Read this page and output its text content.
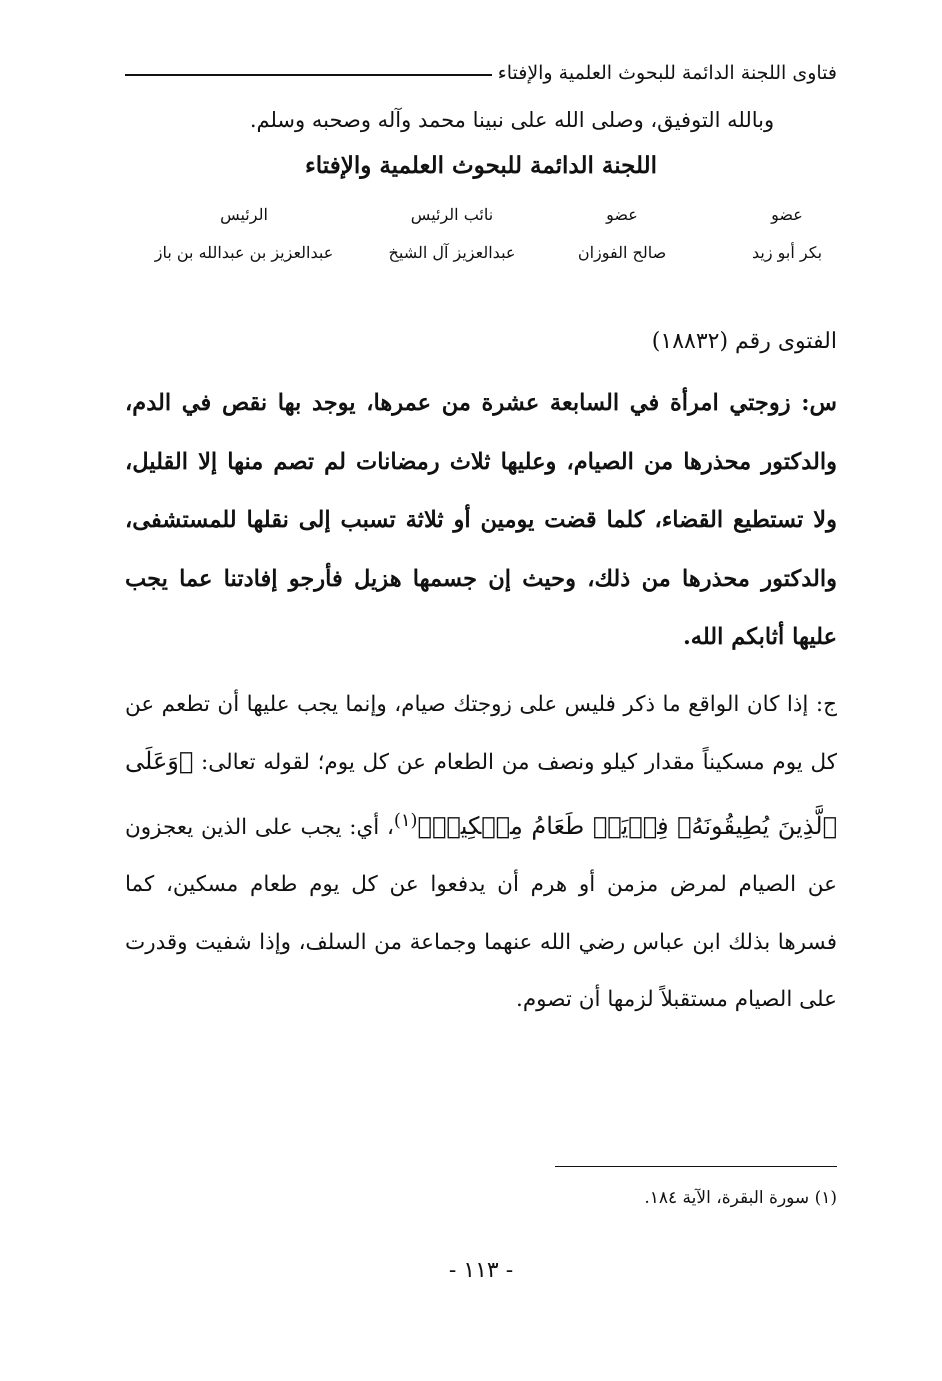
فتاوى اللجنة الدائمة للبحوث العلمية والإفتاء
وبالله التوفيق، وصلى الله على نبينا محمد وآله وصحبه وسلم.
اللجنة الدائمة للبحوث العلمية والإفتاء
عضو
بكر أبو زيد
عضو
صالح الفوزان
نائب الرئيس
عبدالعزيز آل الشيخ
الرئيس
عبدالعزيز بن عبدالله بن باز
الفتوى رقم (١٨٨٣٢)
س: زوجتي امرأة في السابعة عشرة من عمرها، يوجد بها نقص في الدم، والدكتور محذرها من الصيام، وعليها ثلاث رمضانات لم تصم منها إلا القليل، ولا تستطيع القضاء، كلما قضت يومين أو ثلاثة تسبب إلى نقلها للمستشفى، والدكتور محذرها من ذلك، وحيث إن جسمها هزيل فأرجو إفادتنا عما يجب عليها أثابكم الله.
ج: إذا كان الواقع ما ذكر فليس على زوجتك صيام، وإنما يجب عليها أن تطعم عن كل يوم مسكيناً مقدار كيلو ونصف من الطعام عن كل يوم؛ لقوله تعالى: ﴿وَعَلَى ٱلَّذِينَ يُطِيقُونَهُۥ فِدۡيَةٞ طَعَامُ مِسۡكِينٖ﴾$^{(١)}$، أي: يجب على الذين يعجزون عن الصيام لمرض مزمن أو هرم أن يدفعوا عن كل يوم طعام مسكين، كما فسرها بذلك ابن عباس رضي الله عنهما وجماعة من السلف، وإذا شفيت وقدرت على الصيام مستقبلاً لزمها أن تصوم.
(١) سورة البقرة، الآية ١٨٤.
- ١١٣ -
